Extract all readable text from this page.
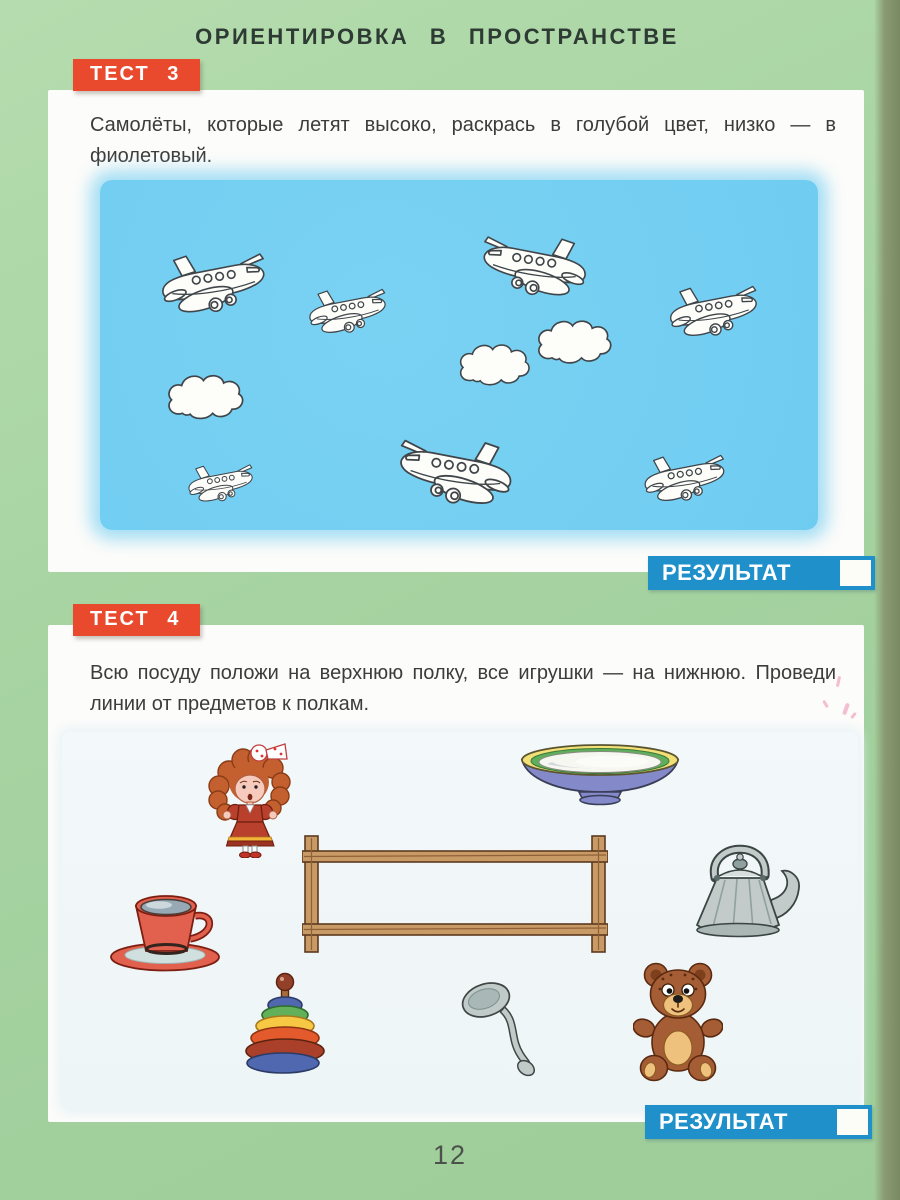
ОРИЕНТИРОВКА В ПРОСТРАНСТВЕ
ТЕСТ 3
Самолёты, которые летят высоко, раскрась в голубой цвет, низко — в фиолетовый.
РЕЗУЛЬТАТ
ТЕСТ 4
Всю посуду положи на верхнюю полку, все игрушки — на нижнюю. Проведи линии от предметов к полкам.
РЕЗУЛЬТАТ
12
